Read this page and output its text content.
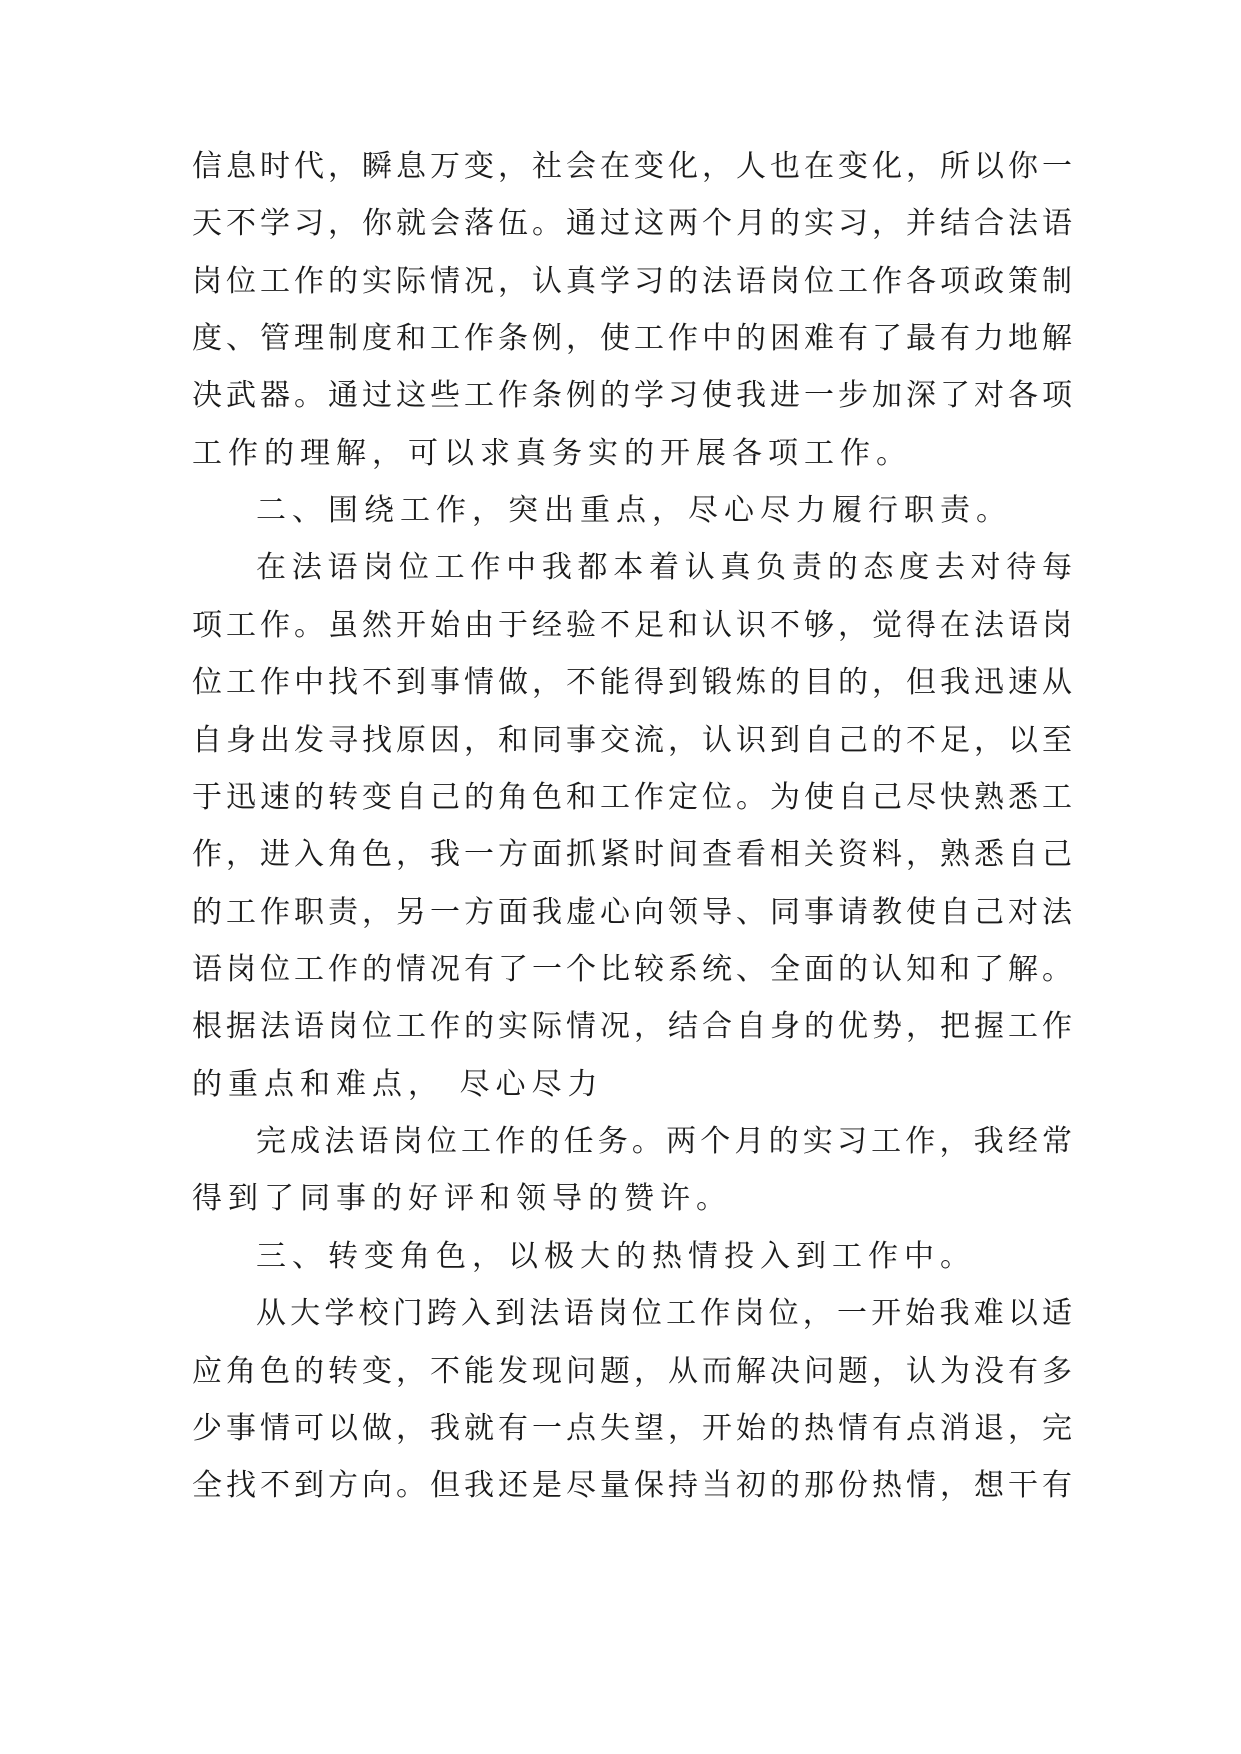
信息时代，瞬息万变，社会在变化，人也在变化，所以你一
天不学习，你就会落伍。通过这两个月的实习，并结合法语
岗位工作的实际情况，认真学习的法语岗位工作各项政策制
度、管理制度和工作条例，使工作中的困难有了最有力地解
决武器。通过这些工作条例的学习使我进一步加深了对各项
工作的理解，可以求真务实的开展各项工作。
二、围绕工作，突出重点，尽心尽力履行职责。
在法语岗位工作中我都本着认真负责的态度去对待每
项工作。虽然开始由于经验不足和认识不够，觉得在法语岗
位工作中找不到事情做，不能得到锻炼的目的，但我迅速从
自身出发寻找原因，和同事交流，认识到自己的不足，以至
于迅速的转变自己的角色和工作定位。为使自己尽快熟悉工
作，进入角色，我一方面抓紧时间查看相关资料，熟悉自己
的工作职责，另一方面我虚心向领导、同事请教使自己对法
语岗位工作的情况有了一个比较系统、全面的认知和了解。
根据法语岗位工作的实际情况，结合自身的优势，把握工作
的重点和难点， 尽心尽力
完成法语岗位工作的任务。两个月的实习工作，我经常
得到了同事的好评和领导的赞许。
三、转变角色，以极大的热情投入到工作中。
从大学校门跨入到法语岗位工作岗位，一开始我难以适
应角色的转变，不能发现问题，从而解决问题，认为没有多
少事情可以做，我就有一点失望，开始的热情有点消退，完
全找不到方向。但我还是尽量保持当初的那份热情，想干有
